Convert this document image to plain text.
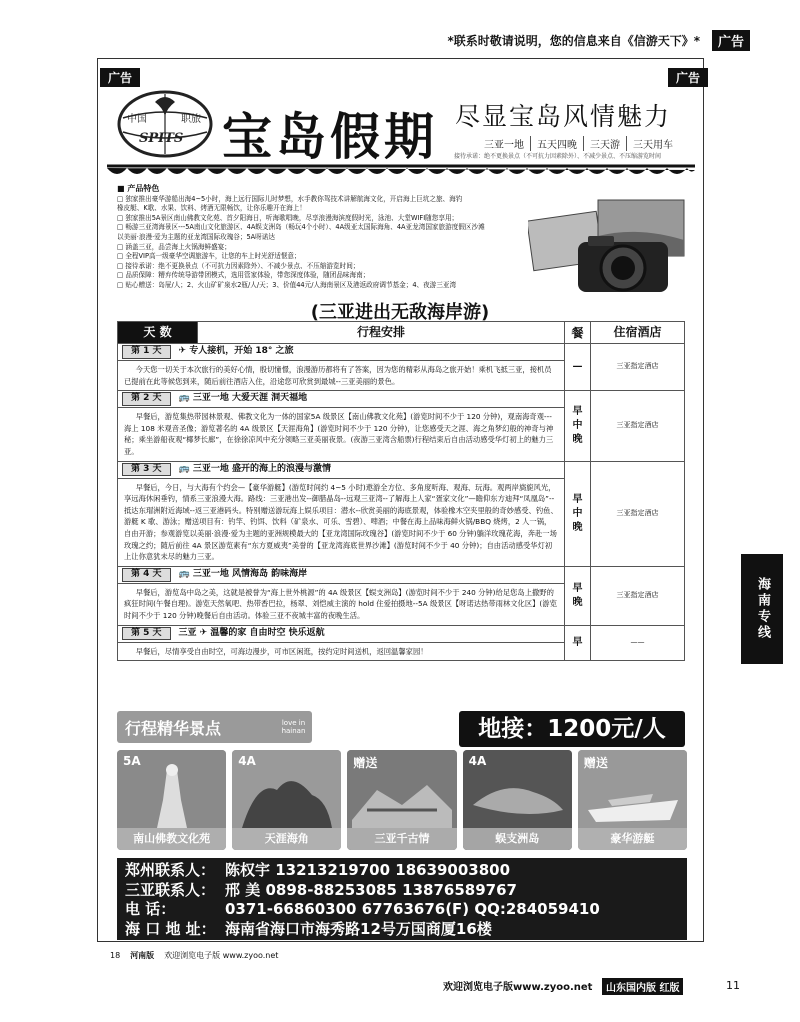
*联系时敬请说明，您的信息来自《信游天下》*	广告
广告	广告
中国	职旅
SPITS 宝岛假期 尽显宝岛风情魅力
三亚一地	五天四晚	三天游	三天用车
接待承诺：绝不更换景点（不可抗力因素除外）、不减少景点、不压缩游览时间
■ 产品特色
□ 独家推出豪华游船出海4~5小时，海上远行国际儿时梦想，水手教你驾技术讲解航海文化，开启海上巨坑之旅、海钓
橡皮艇、K歌、水果、饮料、烤酒无限畅饮，让你乐趣开在海上！
□ 独家推出5A景区南山佛教文化苑、首夕阳海日，听海歌唱晚，尽享浪漫海滨度假时光，泳池、大堂WIFI随您享用；
□ 畅游三亚湾海景区---5A南山文化旅游区、4A蜈支洲岛（畅玩4个小时）、4A级亚太国际海角、4A亚龙湾国家旅游度假区沙滩
以美丽·浪漫·爱为主题的亚龙湾国际玫瑰谷；5A呀诺达
□ 涵盖三亚，品尝海上火锅海鲜盛宴；
□ 全程VIP高一级豪华空调旅游车，让您的车上时光舒适惬意；
□ 接待承诺：绝不更换景点（不可抗力因素除外）、不减少景点、不压缩游览时间；
□ 品质保障：糟弃传统导游带团模式，选用管家体验，带您深度体验，随团品味海南；
□ 贴心赠送：岛屉/人；2、火山矿矿泉水2瓶/人/天；3、价值44元/人海南景区及港返政府调节基金；4、夜游三亚湾
(三亚进出无敌海岸游)
天 数	行程安排	餐	住宿酒店
第 1 天 ✈ 专人接机，开始 18° 之旅		—	三亚指定酒店
今天您一切关于本次旅行的美好心情，殷切憧憬，浪漫游历都将有了答案，因为您的精彩从海岛之旅开始！乘机飞抵三亚，接机员已提前在此等候您到来，随后前往酒店入住，沿途您可欣赏到最城--三亚美丽的景色。			
第 2 天 🚌 三亚一地 大爱天涯 洞天福地		早
中
晚	三亚指定酒店
早餐后，游览集热带园林景观、佛教文化为一体的国家5A 级景区【南山佛教文化苑】(游览时间不少于 120 分钟)，观南海奇观---海上 108 米观音圣像；游览著名的 4A 级景区【天涯海角】(游览时间不少于 120 分钟)，让您感受天之涯、海之角梦幻般的神奇与神秘；乘坐游船夜观“椰梦长廊”，在徐徐凉风中充分领略三亚美丽夜景。(夜游三亚湾含船票)行程结束后自由活动感受华灯初上的魅力三亚。			
第 3 天 🚌 三亚一地 盛开的海上的浪漫与激情		早
中
晚	三亚指定酒店
早餐后，今日，与大海有个约会—【豪华游艇】(游览时间约 4~5 小时)遨游全方位、多角度听海、观海、玩海。观两岸旖旎风光，享远海休闲垂钓，情系三亚浪漫大海。路线：三亚港出发--御腊晶岛--远观三亚湾--了解海上人家“疍家文化”—瞻仰东方迪拜“凤凰岛”--抵达东瑁洲附近海域--返三亚港码头。特别赠送游玩海上娱乐项目：潜水--欣赏美丽的海底景观，体验橡木空夹里般的奇妙感受、钓鱼、游艇 K 歌、游泳；赠送项目有：钓竿、钓饵、饮料（矿泉水、可乐、雪碧）、啤酒；中餐在海上品味海鲜火锅/BBQ 烧烤，2 人一锅，自由开游；参观游览以美丽·浪漫·爱为主题的亚洲规模最大的【亚龙湾国际玫瑰谷】(游览时间不少于 60 分钟)躺洋玫瑰花海，奔赴一场玫瑰之约；随后前往 4A 景区游览素有“东方夏威夷”美誉的【亚龙湾海底世界沙滩】(游览时间不少于 40 分钟)；自由活动感受华灯初上让你意犹未尽的魅力三亚。			
第 4 天 🚌 三亚一地 风情海岛 韵味海岸		早
晚	三亚指定酒店
早餐后，游览岛中岛之美，这就是被誉为“海上世外桃源”的 4A 级景区【蜈支洲岛】(游览时间不少于 240 分钟)给足您岛上撒野的疯狂时间(午餐自理)。游览天然氧吧、热带香巴拉，杨翠、刘恺威主演的 hold 住爱拍摄地--5A 级景区【呀诺达热带雨林文化区】(游览时间不少于 120 分钟)晚餐后自由活动。体验三亚不夜城丰富的夜晚生活。			
第 5 天 三亚 ✈ 温馨的家 自由时空 快乐返航		早	——
早餐后，尽情享受自由时空，可海边漫步，可市区闲逛，按约定时间送机，返回温馨家园！			
行程精华景点	love in hainan	地接：1200元/人
5A
南山佛教文化苑
4A
天涯海角
赠送
三亚千古情
4A
蜈支洲岛
赠送
豪华游艇
郑州联系人： 陈权宇 13213219700 18639003800
三亚联系人： 邢 美 0898-88253085 13876589767
电 话：	0371-66860300 67763676(F) QQ:284059410
海 口 地 址： 海南省海口市海秀路12号万国商厦16楼
18 河南版 欢迎浏览电子版 www.zyoo.net
欢迎浏览电子版www.zyoo.net	山东国内版 红版	11
海南专线
